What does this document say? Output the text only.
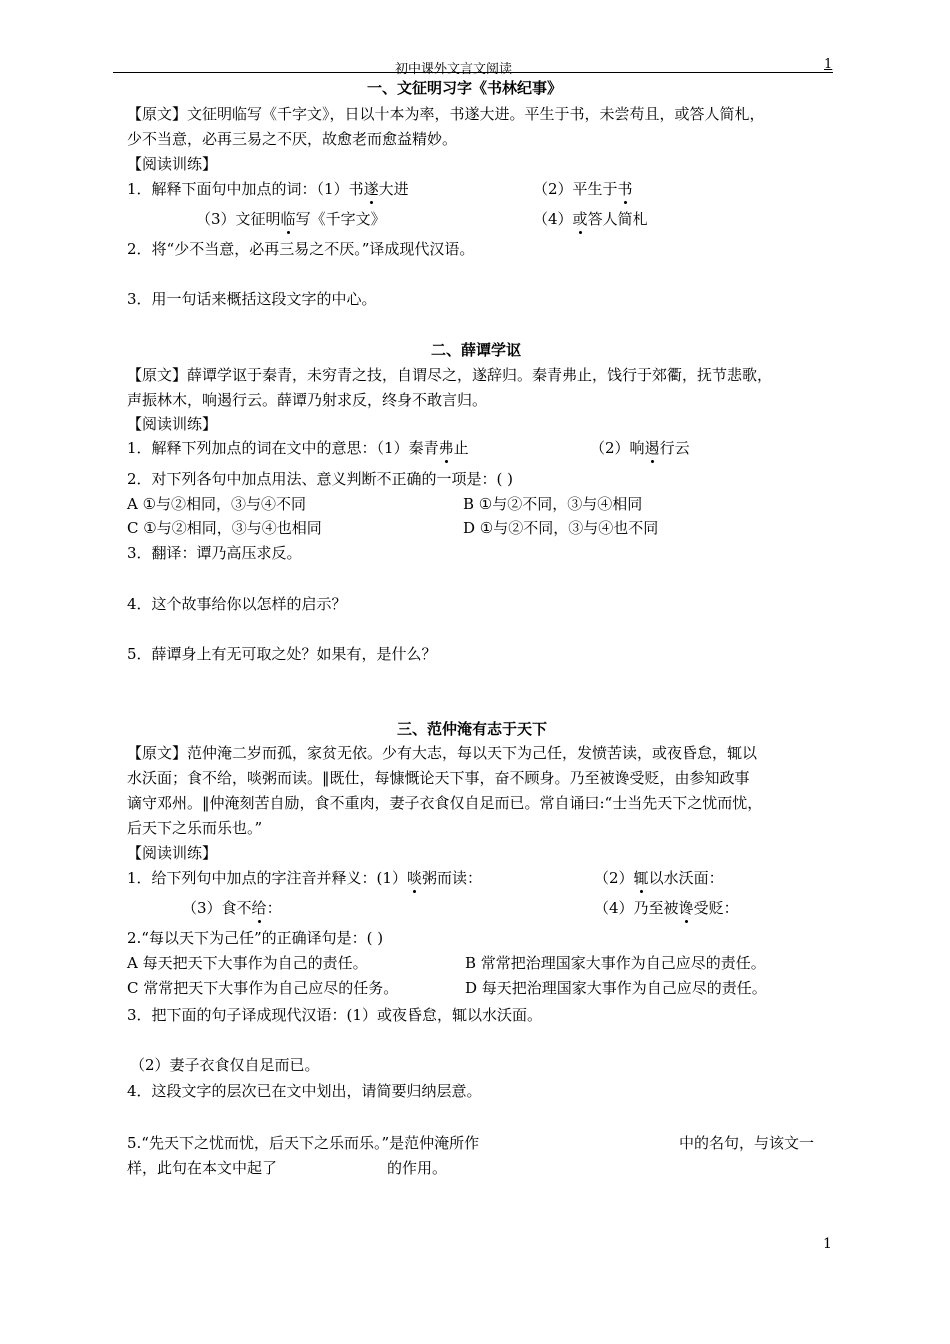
初中课外文言文阅读	1
一、文征明习字《书林纪事》
【原文】文征明临写《千字文》，日以十本为率，书遂大进。平生于书，未尝苟且，或答人简札，
少不当意，必再三易之不厌，故愈老而愈益精妙。
【阅读训练】
1．解释下面句中加点的词：（1）书遂大进	（2）平生于书
（3）文征明临写《千字文》	（4）或答人简札
2．将“少不当意，必再三易之不厌。”译成现代汉语。
3．用一句话来概括这段文字的中心。
二、薛谭学讴
【原文】薛谭学讴于秦青，未穷青之技，自谓尽之，遂辞归。秦青弗止，饯行于郊衢，抚节悲歌，
声振林木，响遏行云。薛谭乃射求反，终身不敢言归。
【阅读训练】
1．解释下列加点的词在文中的意思：（1）秦青弗止	（2）响遏行云
2．对下列各句中加点用法、意义判断不正确的一项是：( )
A ①与②相同，③与④不同	B ①与②不同，③与④相同
C ①与②相同，③与④也相同	D ①与②不同，③与④也不同
3．翻译：谭乃高压求反。
4．这个故事给你以怎样的启示？
5．薛谭身上有无可取之处？如果有，是什么？
三、范仲淹有志于天下
【原文】范仲淹二岁而孤，家贫无依。少有大志，每以天下为己任，发愤苦读，或夜昏怠，辄以
水沃面；食不给，啖粥而读。‖既仕，每慷慨论天下事，奋不顾身。乃至被谗受贬，由参知政事
谪守邓州。‖仲淹刻苦自励，食不重肉，妻子衣食仅自足而已。常自诵曰:“士当先天下之忧而忧，
后天下之乐而乐也。”
【阅读训练】
1．给下列句中加点的字注音并释义：(1）啖粥而读：	（2）辄以水沃面：
（3）食不给：	（4）乃至被谗受贬：
2.“每以天下为己任”的正确译句是：( )
A 每天把天下大事作为自己的责任。	B 常常把治理国家大事作为自己应尽的责任。
C 常常把天下大事作为自己应尽的任务。	D 每天把治理国家大事作为自己应尽的责任。
3．把下面的句子译成现代汉语：(1）或夜昏怠，辄以水沃面。
（2）妻子衣食仅自足而已。
4．这段文字的层次已在文中划出，请简要归纳层意。
5.“先天下之忧而忧，后天下之乐而乐。”是范仲淹所作	中的名句，与该文一
样，此句在本文中起了	的作用。
1
